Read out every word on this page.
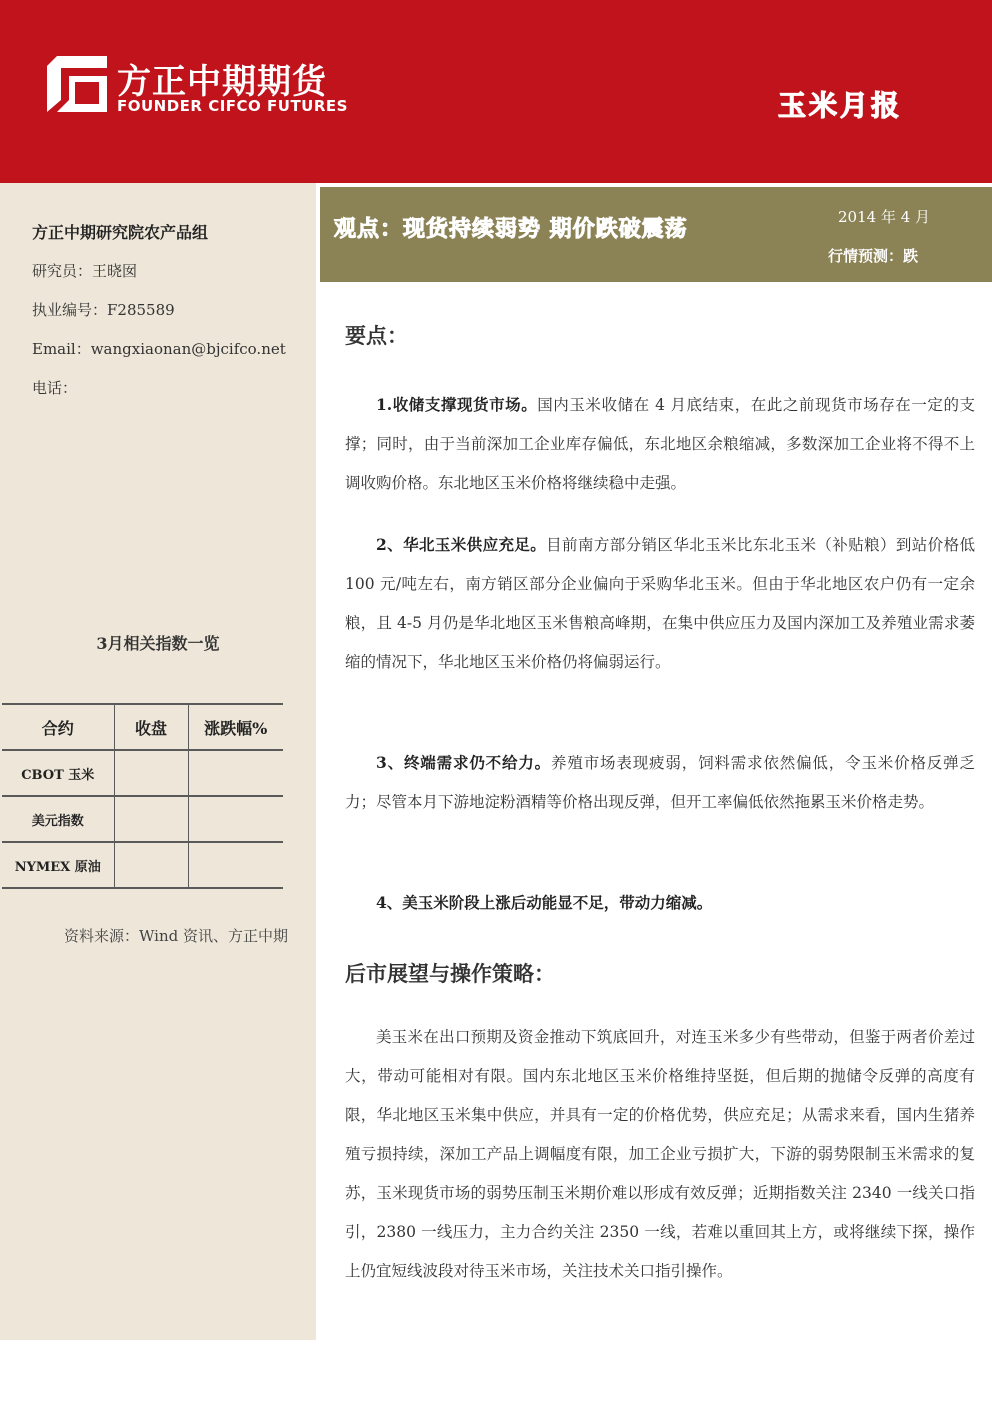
方正中期期货
FOUNDER CIFCO FUTURES	玉米月报
方正中期研究院农产品组
研究员：王晓囡
执业编号：F285589
Email：wangxiaonan@bjcifco.net
电话：
3月相关指数一览
合约	收盘	涨跌幅%
CBOT 玉米		
美元指数		
NYMEX 原油		
资料来源：Wind 资讯、方正中期
观点：现货持续弱势 期价跌破震荡	2014 年 4 月
行情预测：跌
要点：

1.收储支撑现货市场。国内玉米收储在 4 月底结束，在此之前现货市场存在一定的支撑；同时，由于当前深加工企业库存偏低，东北地区余粮缩减，多数深加工企业将不得不上调收购价格。东北地区玉米价格将继续稳中走强。

2、华北玉米供应充足。目前南方部分销区华北玉米比东北玉米（补贴粮）到站价格低 100 元/吨左右，南方销区部分企业偏向于采购华北玉米。但由于华北地区农户仍有一定余粮，且 4-5 月仍是华北地区玉米售粮高峰期，在集中供应压力及国内深加工及养殖业需求萎缩的情况下，华北地区玉米价格仍将偏弱运行。

3、终端需求仍不给力。养殖市场表现疲弱，饲料需求依然偏低，令玉米价格反弹乏力；尽管本月下游地淀粉酒精等价格出现反弹，但开工率偏低依然拖累玉米价格走势。

4、美玉米阶段上涨后动能显不足，带动力缩减。

后市展望与操作策略：

美玉米在出口预期及资金推动下筑底回升，对连玉米多少有些带动，但鉴于两者价差过大，带动可能相对有限。国内东北地区玉米价格维持坚挺，但后期的抛储令反弹的高度有限，华北地区玉米集中供应，并具有一定的价格优势，供应充足；从需求来看，国内生猪养殖亏损持续，深加工产品上调幅度有限，加工企业亏损扩大，下游的弱势限制玉米需求的复苏，玉米现货市场的弱势压制玉米期价难以形成有效反弹；近期指数关注 2340 一线关口指引，2380 一线压力，主力合约关注 2350 一线，若难以重回其上方，或将继续下探，操作上仍宜短线波段对待玉米市场，关注技术关口指引操作。
